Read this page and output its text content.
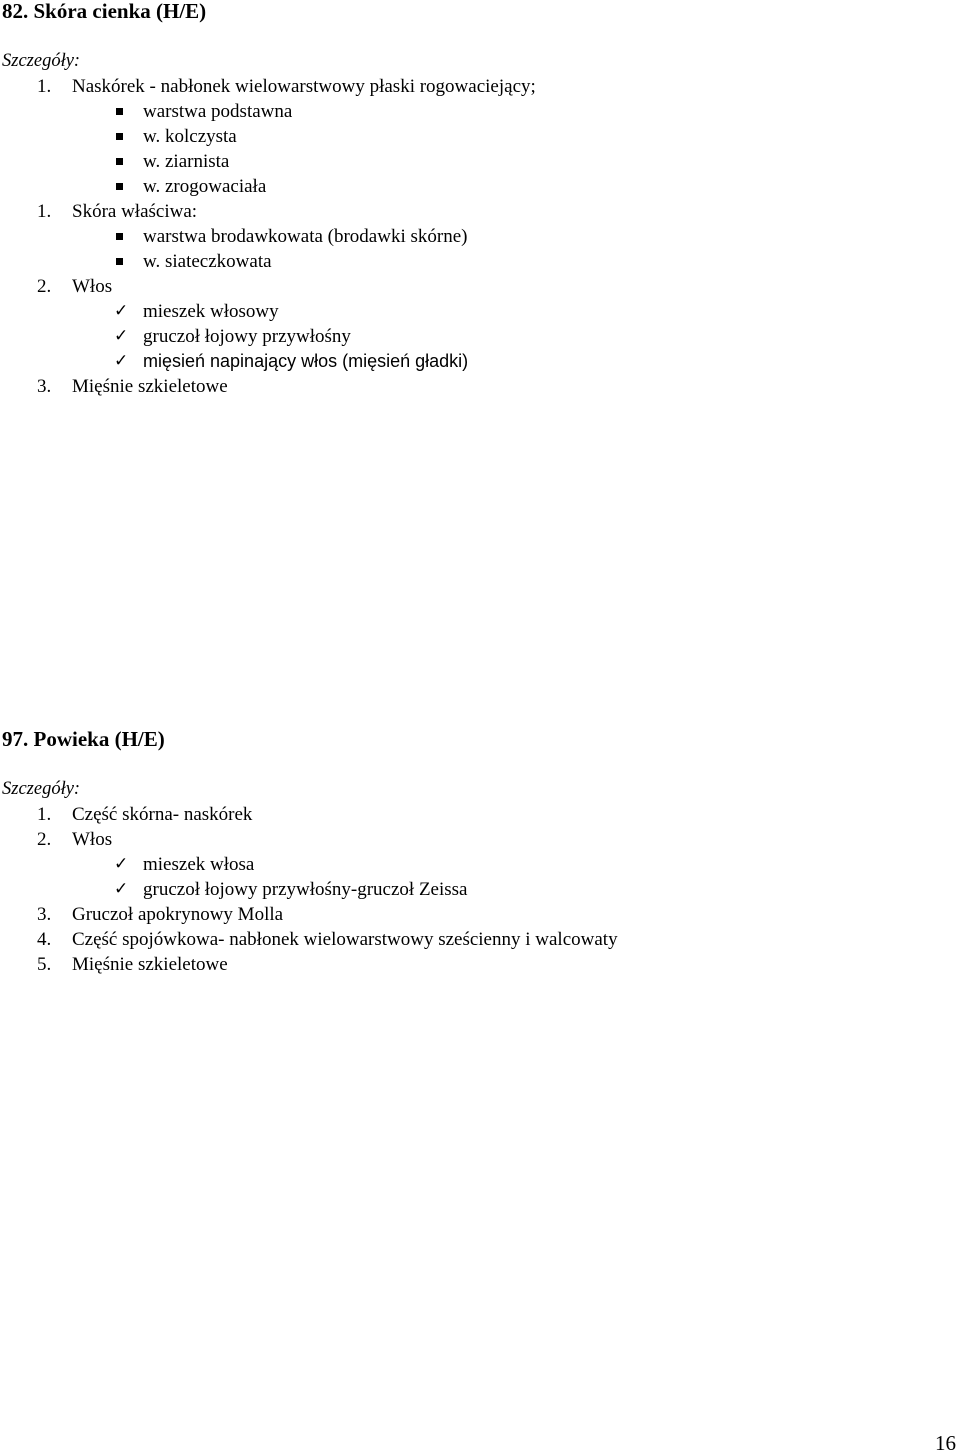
82. Skóra cienka (H/E)
Szczegóły:
1. Naskórek - nabłonek wielowarstwowy płaski rogowaciejący;
warstwa podstawna
w. kolczysta
w. ziarnista
w. zrogowaciała
1. Skóra właściwa:
warstwa brodawkowata (brodawki skórne)
w. siateczkowata
2. Włos
✓ mieszek włosowy
✓ gruczoł łojowy przywłośny
✓ mięsień napinający włos (mięsień gładki)
3. Mięśnie szkieletowe
97. Powieka (H/E)
Szczegóły:
1. Część skórna- naskórek
2. Włos
✓ mieszek włosa
✓ gruczoł łojowy przywłośny-gruczoł Zeissa
3. Gruczoł apokrynowy Molla
4. Część spojówkowa- nabłonek wielowarstwowy sześcienny i walcowaty
5. Mięśnie szkieletowe
16
